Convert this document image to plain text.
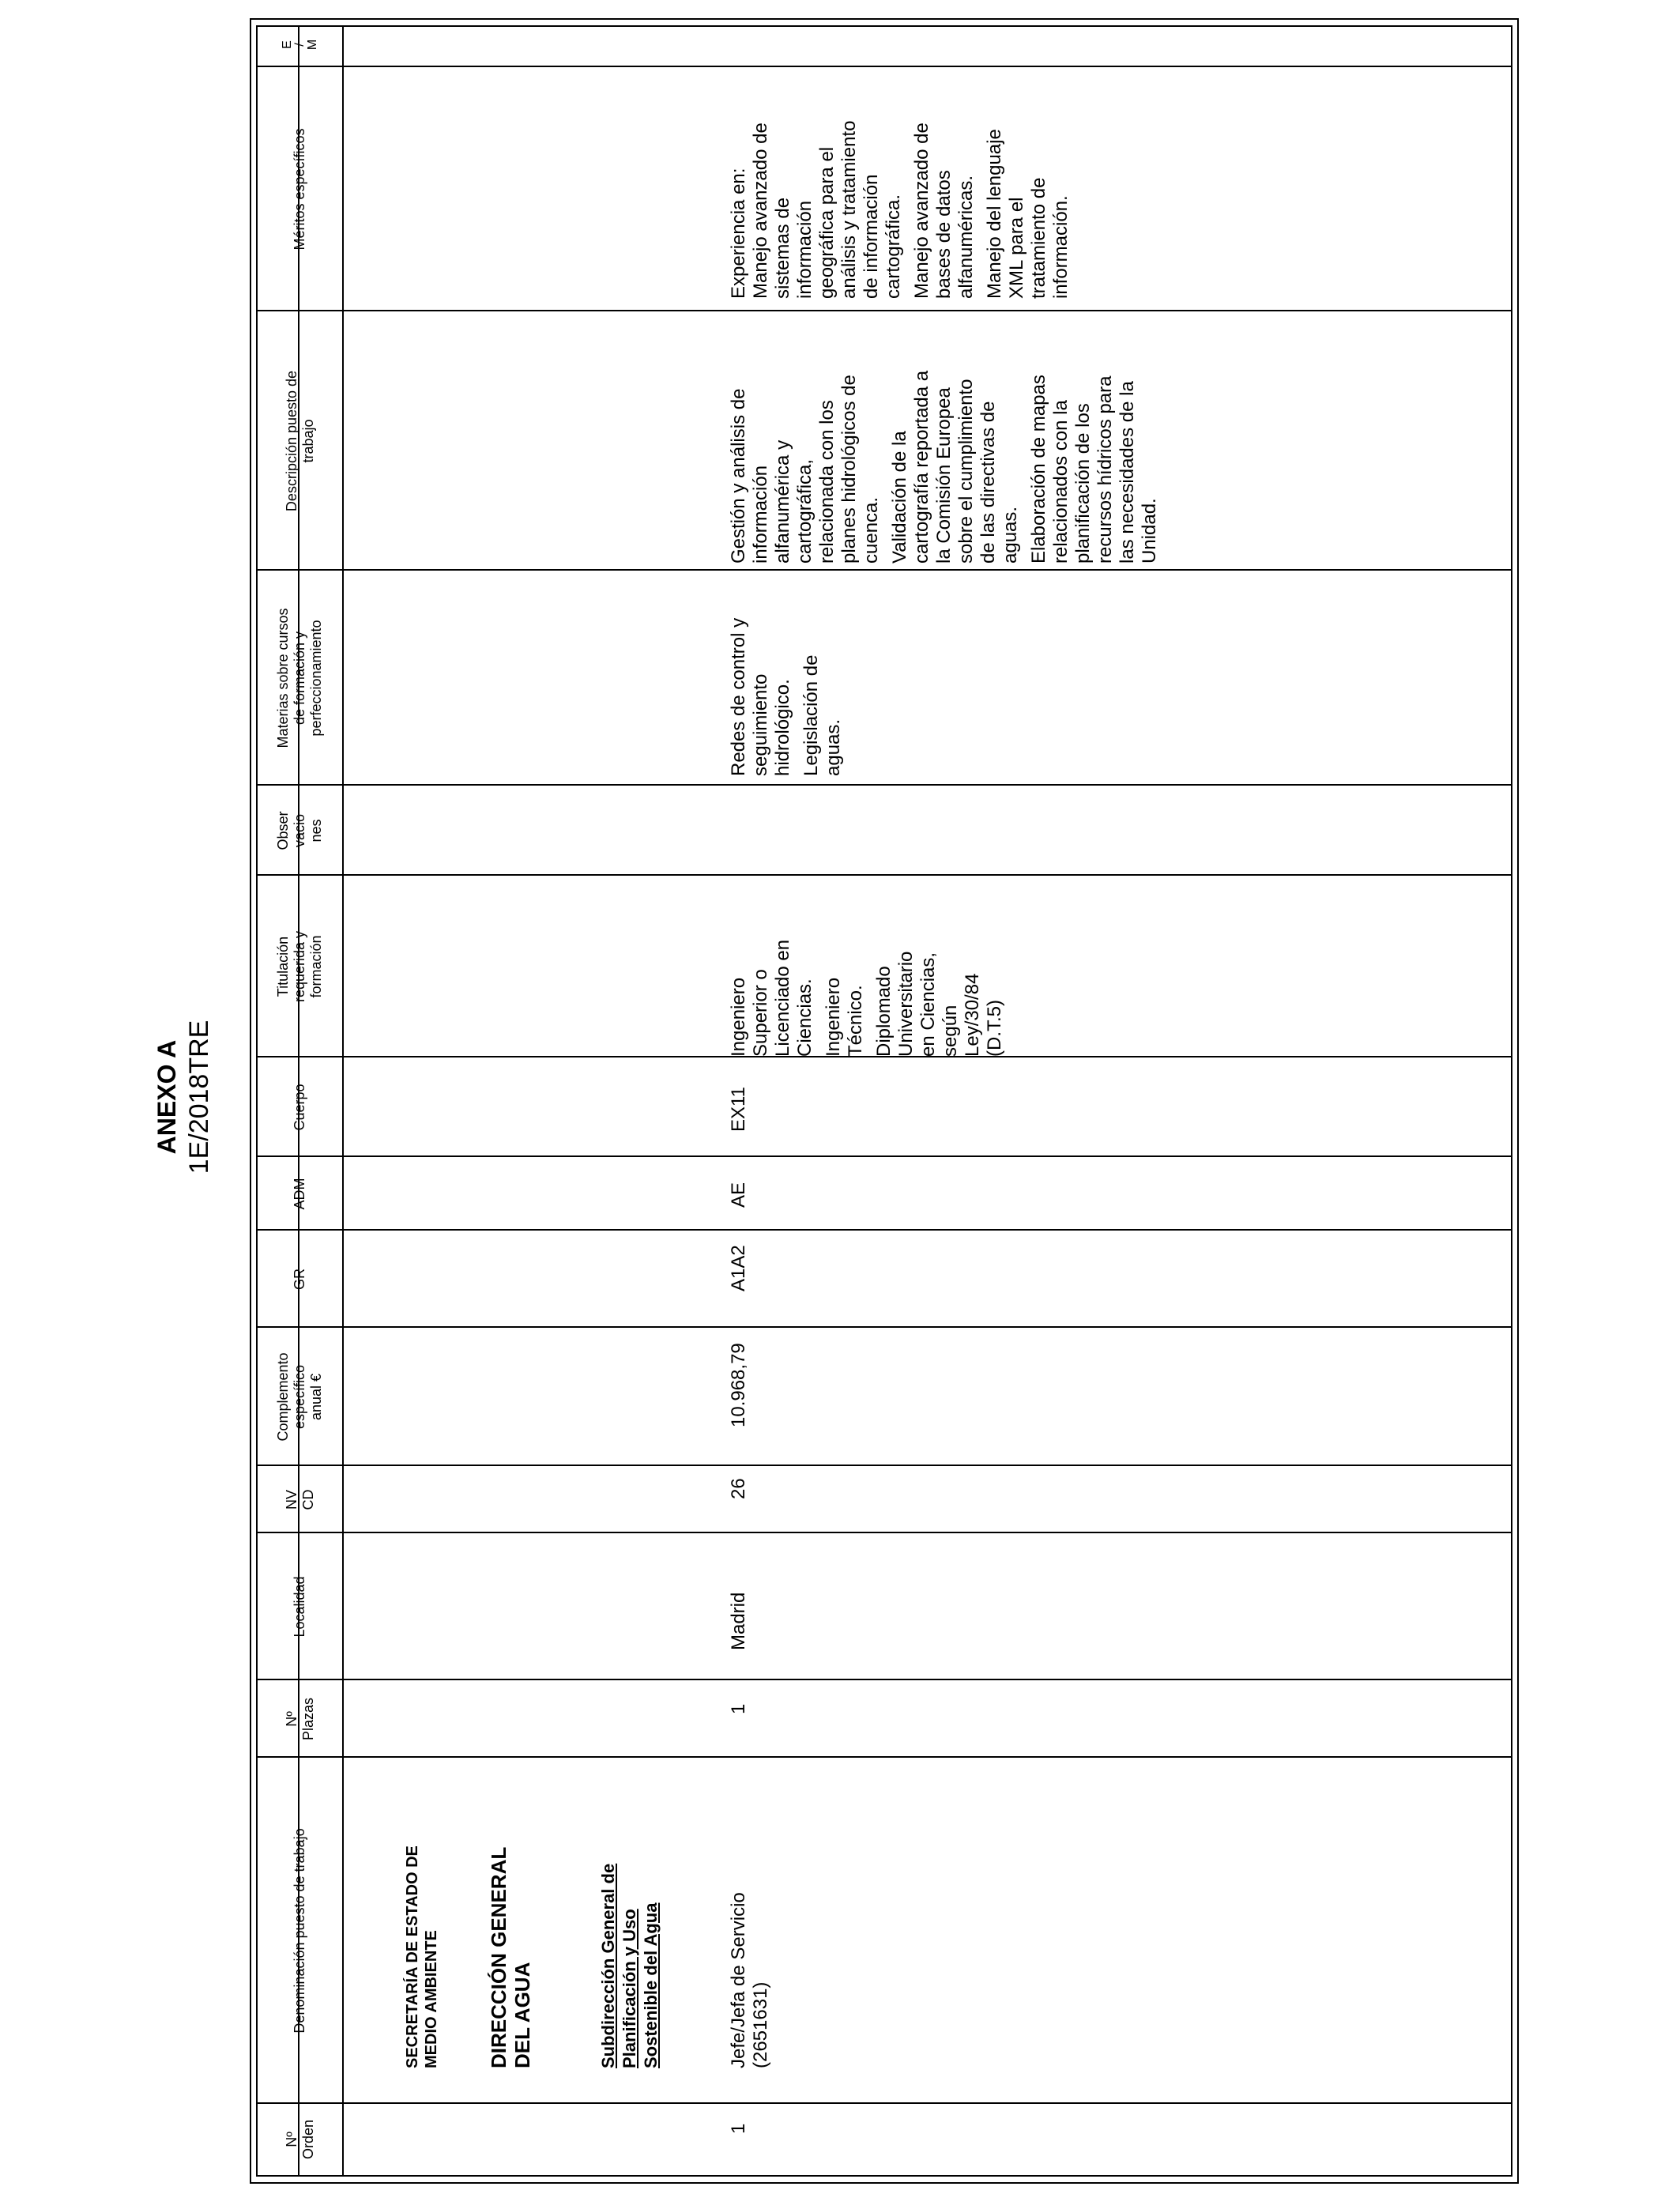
ANEXO A 1E/2018TRE
Nº
Orden
Denominación puesto de trabajo
Nº
Plazas
Localidad
NV
CD
Complemento
específico
anual €
GR
ADM
Cuerpo
Titulación
requerida y
formación
Obser
vacio
nes
Materias sobre cursos
de formación y
perfeccionamiento
Descripción puesto de
trabajo
Méritos específicos
E
/
M
SECRETARÍA DE ESTADO DE MEDIO AMBIENTE DIRECCIÓN GENERAL
DEL AGUA	Subdirección General de
Planificación y Uso
Sostenible del Agua
1
Jefe/Jefa de Servicio
(2651631)
1
Madrid
26
10.968,79
A1A2
AE
EX11

Ingeniero
Superior o
Licenciado en
Ciencias. Ingeniero
Técnico. Diplomado
Universitario
en Ciencias,
según
Ley/30/84
(D.T.5)

Redes de control y
seguimiento
hidrológico. Legislación de
aguas.

Gestión y análisis de
información
alfanumérica y
cartográfica,
relacionada con los
planes hidrológicos de
cuenca. Validación de la
cartografía reportada a
la Comisión Europea
sobre el cumplimiento
de las directivas de
aguas. Elaboración de mapas
relacionados con la
planificación de los
recursos hídricos para
las necesidades de la
Unidad.

Experiencia en:
Manejo avanzado de
sistemas de
información
geográfica para el
análisis y tratamiento
de información
cartográfica. Manejo avanzado de
bases de datos
alfanuméricas. Manejo del lenguaje
XML para el
tratamiento de
información.
